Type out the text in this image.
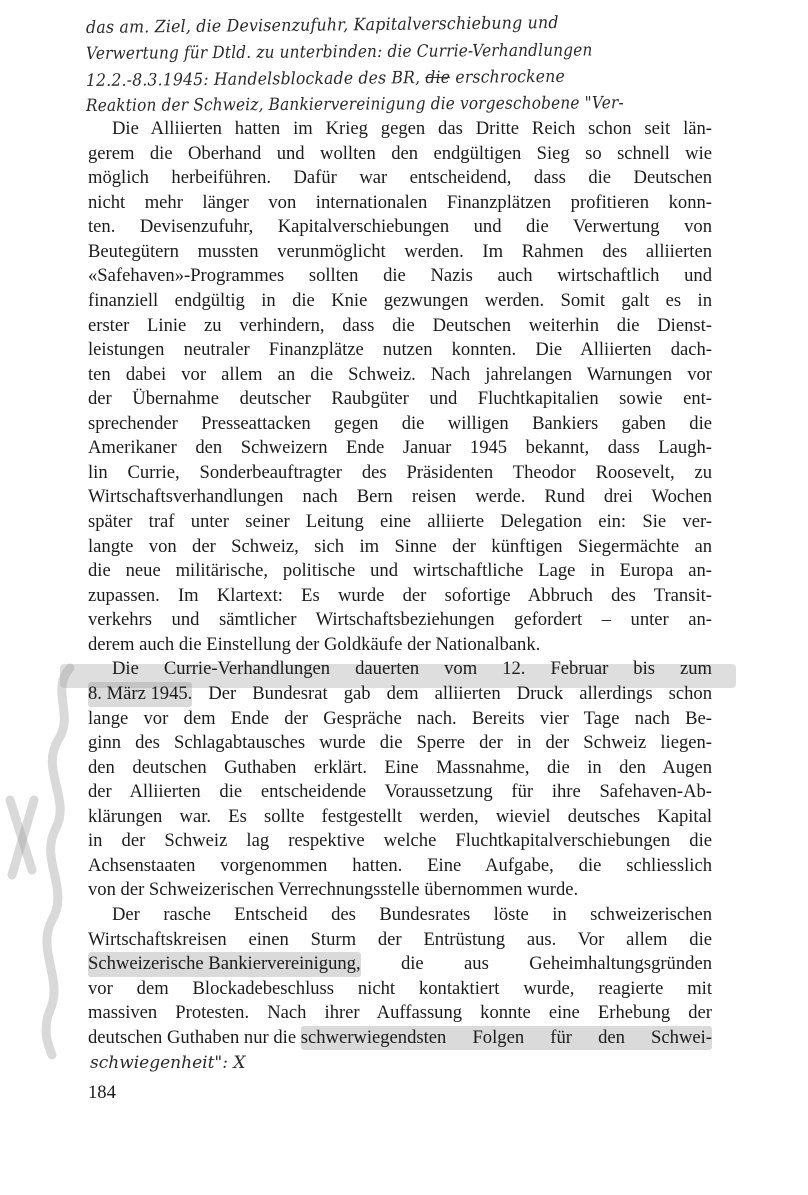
das am. Ziel, die Devisenzufuhr, Kapitalverschiebung und
Verwertung für Dtld. zu unterbinden: die Currie-Verhandlungen
12.2.-8.3.1945: Handelsblockade des BR, die erschrockene
Reaktion der Schweiz, Bankiervereinigung die vorgeschobene "Ver-
Die Alliierten hatten im Krieg gegen das Dritte Reich schon seit län-
gerem die Oberhand und wollten den endgültigen Sieg so schnell wie
möglich herbeiführen. Dafür war entscheidend, dass die Deutschen
nicht mehr länger von internationalen Finanzplätzen profitieren konn-
ten. Devisenzufuhr, Kapitalverschiebungen und die Verwertung von
Beutegütern mussten verunmöglicht werden. Im Rahmen des alliierten
«Safehaven»-Programmes sollten die Nazis auch wirtschaftlich und
finanziell endgültig in die Knie gezwungen werden. Somit galt es in
erster Linie zu verhindern, dass die Deutschen weiterhin die Dienst-
leistungen neutraler Finanzplätze nutzen konnten. Die Alliierten dach-
ten dabei vor allem an die Schweiz. Nach jahrelangen Warnungen vor
der Übernahme deutscher Raubgüter und Fluchtkapitalien sowie ent-
sprechender Presseattacken gegen die willigen Bankiers gaben die
Amerikaner den Schweizern Ende Januar 1945 bekannt, dass Laugh-
lin Currie, Sonderbeauftragter des Präsidenten Theodor Roosevelt, zu
Wirtschaftsverhandlungen nach Bern reisen werde. Rund drei Wochen
später traf unter seiner Leitung eine alliierte Delegation ein: Sie ver-
langte von der Schweiz, sich im Sinne der künftigen Siegermächte an
die neue militärische, politische und wirtschaftliche Lage in Europa an-
zupassen. Im Klartext: Es wurde der sofortige Abbruch des Transit-
verkehrs und sämtlicher Wirtschaftsbeziehungen gefordert – unter an-
derem auch die Einstellung der Goldkäufe der Nationalbank.
Die Currie-Verhandlungen dauerten vom 12. Februar bis zum
8. März 1945. Der Bundesrat gab dem alliierten Druck allerdings schon
lange vor dem Ende der Gespräche nach. Bereits vier Tage nach Be-
ginn des Schlagabtausches wurde die Sperre der in der Schweiz liegen-
den deutschen Guthaben erklärt. Eine Massnahme, die in den Augen
der Alliierten die entscheidende Voraussetzung für ihre Safehaven-Ab-
klärungen war. Es sollte festgestellt werden, wieviel deutsches Kapital
in der Schweiz lag respektive welche Fluchtkapitalverschiebungen die
Achsenstaaten vorgenommen hatten. Eine Aufgabe, die schliesslich
von der Schweizerischen Verrechnungsstelle übernommen wurde.
Der rasche Entscheid des Bundesrates löste in schweizerischen
Wirtschaftskreisen einen Sturm der Entrüstung aus. Vor allem die
Schweizerische Bankiervereinigung, die aus Geheimhaltungsgründen
vor dem Blockadebeschluss nicht kontaktiert wurde, reagierte mit
massiven Protesten. Nach ihrer Auffassung konnte eine Erhebung der
deutschen Guthaben nur die schwerwiegendsten Folgen für den Schwei-
schwiegenheit": X
184
